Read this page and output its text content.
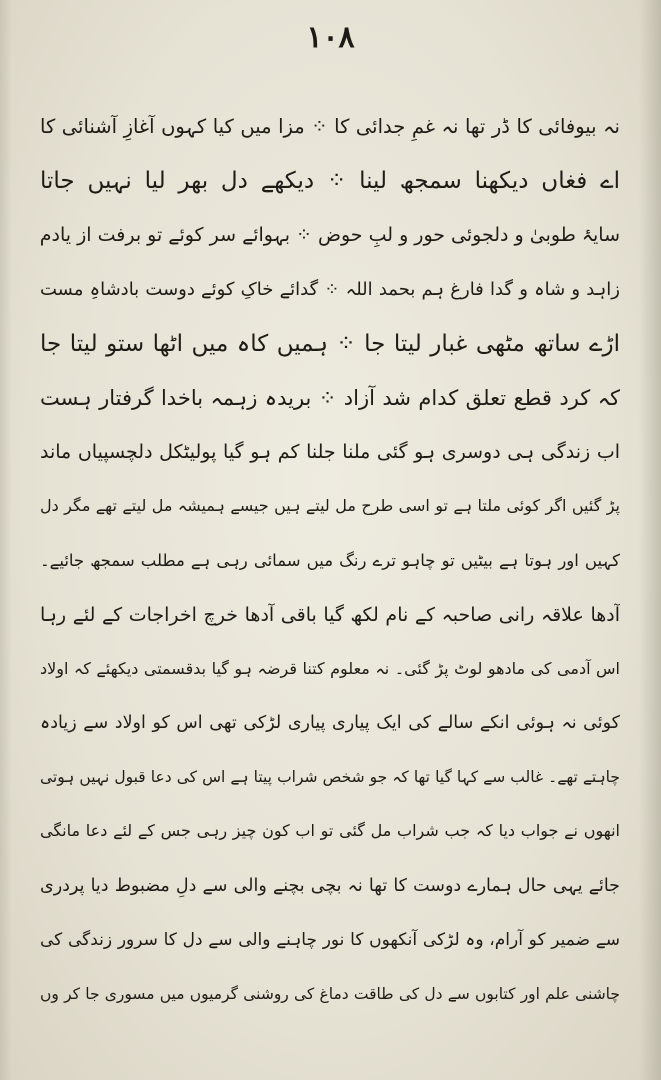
۱۰۸
نہ بیوفائی کا ڈر تھا نہ غمِ جدائی کا ⁘ مزا میں کیا کہوں آغازِ آشنائی کا
اے فغاں دیکھنا سمجھ لینا ⁘ دیکھے دل بھر لیا نہیں جاتا
سایۂ طوبیٰ و دلجوئی حور و لبِ حوض ⁘ بہوائے سر کوئے تو برفت از یادم
زاہد و شاہ و گدا فارغ ہم بحمد اللہ ⁘ گدائے خاکِ کوئے دوست بادشاہِ مست
اڑے ساتھ مٹھی غبار لیتا جا ⁘ ہمیں کاہ میں اٹھا ستو لیتا جا
کہ کرد قطع تعلق کدام شد آزاد ⁘ بریدہ زہمہ باخدا گرفتار ہست
اب زندگی ہی دوسری ہو گئی ملنا جلنا کم ہو گیا پولیٹکل دلچسپیاں ماند
پڑ گئیں اگر کوئی ملتا ہے تو اسی طرح مل لیتے ہیں جیسے ہمیشہ مل لیتے تھے مگر دل
کہیں اور ہوتا ہے بیٹیں تو چاہو ترے رنگ میں سمائی رہی ہے مطلب سمجھ جائیے۔
آدھا علاقہ رانی صاحبہ کے نام لکھ گیا باقی آدھا خرچ اخراجات کے لئے رہا
اس آدمی کی مادھو لوٹ پڑ گئی۔ نہ معلوم کتنا قرضہ ہو گیا بدقسمتی دیکھئے کہ اولاد
کوئی نہ ہوئی انکے سالے کی ایک پیاری پیاری لڑکی تھی اس کو اولاد سے زیادہ
چاہتے تھے۔ غالب سے کہا گیا تھا کہ جو شخص شراب پیتا ہے اس کی دعا قبول نہیں ہوتی
انھوں نے جواب دیا کہ جب شراب مل گئی تو اب کون چیز رہی جس کے لئے دعا مانگی
جائے یہی حال ہمارے دوست کا تھا نہ بچی بچنے والی سے دلِ مضبوط دیا پردری
سے ضمیر کو آرام، وہ لڑکی آنکھوں کا نور چاہنے والی سے دل کا سرور زندگی کی
چاشنی علم اور کتابوں سے دل کی طاقت دماغ کی روشنی گرمیوں میں مسوری جا کر وں
